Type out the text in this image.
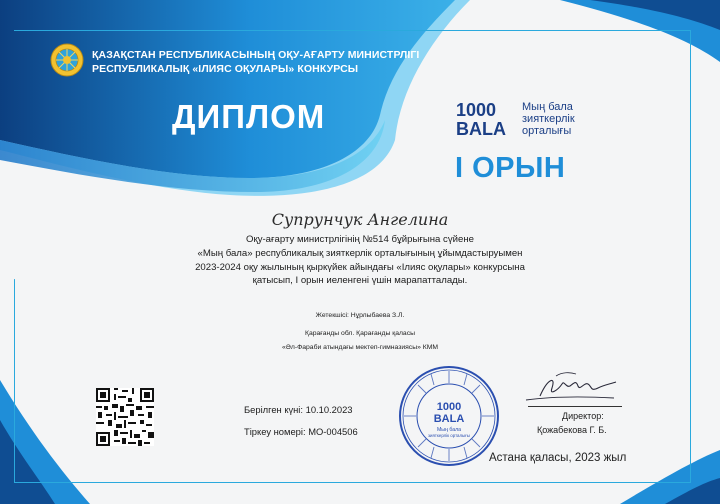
ҚАЗАҚСТАН РЕСПУБЛИКАСЫНЫҢ ОҚУ-АҒАРТУ МИНИСТРЛІГІ
РЕСПУБЛИКАЛЫҚ «ІЛИЯС ОҚУЛАРЫ» КОНКУРСЫ
ДИПЛОМ	1000
BALA
Мың бала
зияткерлік
орталығы
І ОРЫН
Супрунчук Ангелина
Оқу-ағарту министрлігінің №514 бұйрығына сүйене
«Мың бала» республикалық зияткерлік орталығының ұйымдастыруымен
2023-2024 оқу жылының қыркүйек айындағы «Ілияс оқулары» конкурсына
қатысып, І орын иеленгені үшін марапатталады.
Жетекшісі: Нұрлыбаева З.Л.
Қарағанды обл. Қарағанды қаласы
«Әл-Фараби атындағы мектеп-гимназиясы» КММ
Берілген күні: 10.10.2023
Тіркеу номері: МО-004506
1000
BALA
Мың бала
зияткерлік орталығы
Директор:
Қожабекова Г. Б.
Астана қаласы, 2023 жыл
